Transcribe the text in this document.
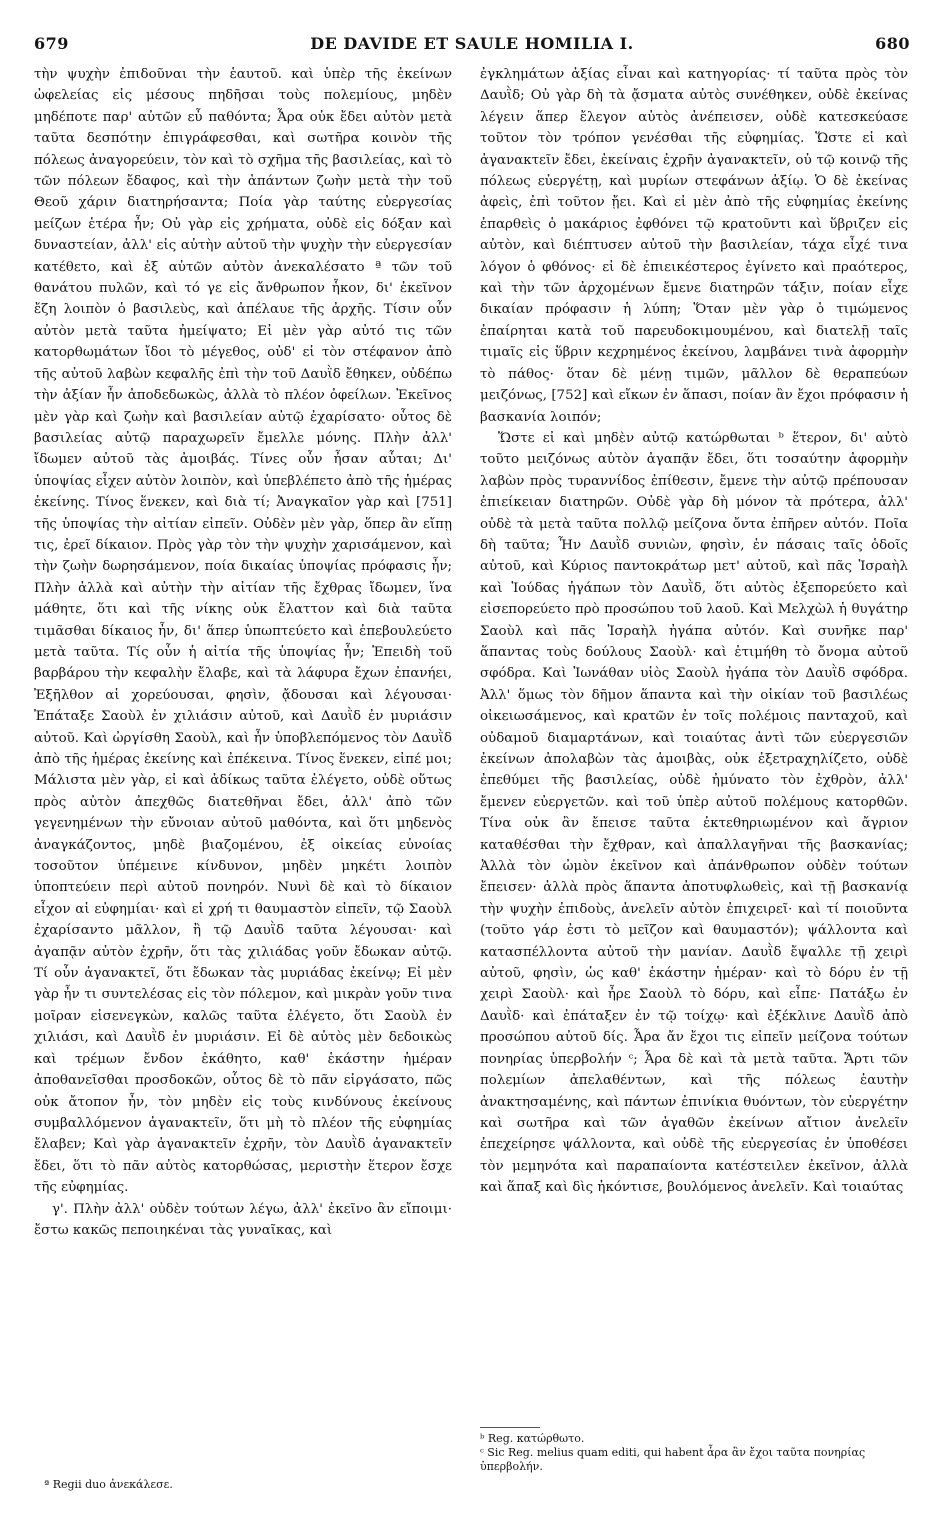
679	DE DAVIDE ET SAULE HOMILIA I.	680

τὴν ψυχὴν ἐπιδοῦναι τὴν ἑαυτοῦ. καὶ ὑπὲρ τῆς ἐκείνων ὠφελείας εἰς μέσους πηδῆσαι τοὺς πολεμίους, μηδὲν μηδέποτε παρ' αὐτῶν εὖ παθόντα; Ἆρα οὐκ ἔδει αὐτὸν μετὰ ταῦτα δεσπότην ἐπιγράφεσθαι, καὶ σωτῆρα κοινὸν τῆς πόλεως ἀναγορεύειν, τὸν καὶ τὸ σχῆμα τῆς βασιλείας, καὶ τὸ τῶν πόλεων ἔδαφος, καὶ τὴν ἁπάντων ζωὴν μετὰ τὴν τοῦ Θεοῦ χάριν διατηρήσαντα; Ποία γὰρ ταύτης εὐεργεσίας μείζων ἑτέρα ἦν; Οὐ γὰρ εἰς χρήματα, οὐδὲ εἰς δόξαν καὶ δυναστείαν, ἀλλ' εἰς αὐτὴν αὐτοῦ τὴν ψυχὴν τὴν εὐεργεσίαν κατέθετο, καὶ ἐξ αὐτῶν αὐτὸν ἀνεκαλέσατο ª τῶν τοῦ θανάτου πυλῶν, καὶ τό γε εἰς ἄνθρωπον ἧκον, δι' ἐκεῖνον ἔζη λοιπὸν ὁ βασιλεὺς, καὶ ἀπέλαυε τῆς ἀρχῆς. Τίσιν οὖν αὐτὸν μετὰ ταῦτα ἠμείψατο; Εἰ μὲν γὰρ αὐτό τις τῶν κατορθωμάτων ἴδοι τὸ μέγεθος, οὐδ' εἰ τὸν στέφανον ἀπὸ τῆς αὐτοῦ λαβὼν κεφαλῆς ἐπὶ τὴν τοῦ Δαυῒδ ἔθηκεν, οὐδέπω τὴν ἀξίαν ἦν ἀποδεδωκὼς, ἀλλὰ τὸ πλέον ὀφείλων. Ἐκεῖνος μὲν γὰρ καὶ ζωὴν καὶ βασιλείαν αὐτῷ ἐχαρίσατο· οὗτος δὲ βασιλείας αὐτῷ παραχωρεῖν ἔμελλε μόνης. Πλὴν ἀλλ' ἴδωμεν αὐτοῦ τὰς ἀμοιβάς. Τίνες οὖν ἦσαν αὗται; Δι' ὑποψίας εἶχεν αὐτὸν λοιπὸν, καὶ ὑπεβλέπετο ἀπὸ τῆς ἡμέρας ἐκείνης. Τίνος ἕνεκεν, καὶ διὰ τί; Ἀναγκαῖον γὰρ καὶ [751] τῆς ὑποψίας τὴν αἰτίαν εἰπεῖν. Οὐδὲν μὲν γὰρ, ὅπερ ἂν εἴπῃ τις, ἐρεῖ δίκαιον. Πρὸς γὰρ τὸν τὴν ψυχὴν χαρισάμενον, καὶ τὴν ζωὴν δωρησάμενον, ποία δικαίας ὑποψίας πρόφασις ἦν; Πλὴν ἀλλὰ καὶ αὐτὴν τὴν αἰτίαν τῆς ἔχθρας ἴδωμεν, ἵνα μάθητε, ὅτι καὶ τῆς νίκης οὐκ ἔλαττον καὶ διὰ ταῦτα τιμᾶσθαι δίκαιος ἦν, δι' ἅπερ ὑπωπτεύετο καὶ ἐπεβουλεύετο μετὰ ταῦτα. Τίς οὖν ἡ αἰτία τῆς ὑποψίας ἦν; Ἐπειδὴ τοῦ βαρβάρου τὴν κεφαλὴν ἔλαβε, καὶ τὰ λάφυρα ἔχων ἐπανήει, Ἐξῆλθον αἱ χορεύουσαι, φησὶν, ᾄδουσαι καὶ λέγουσαι· Ἐπάταξε Σαοὺλ ἐν χιλιάσιν αὐτοῦ, καὶ Δαυῒδ ἐν μυριάσιν αὐτοῦ. Καὶ ὠργίσθη Σαοὺλ, καὶ ἦν ὑποβλεπόμενος τὸν Δαυῒδ ἀπὸ τῆς ἡμέρας ἐκείνης καὶ ἐπέκεινα. Τίνος ἕνεκεν, εἰπέ μοι; Μάλιστα μὲν γὰρ, εἰ καὶ ἀδίκως ταῦτα ἐλέγετο, οὐδὲ οὕτως πρὸς αὐτὸν ἀπεχθῶς διατεθῆναι ἔδει, ἀλλ' ἀπὸ τῶν γεγενημένων τὴν εὔνοιαν αὐτοῦ μαθόντα, καὶ ὅτι μηδενὸς ἀναγκάζοντος, μηδὲ βιαζομένου, ἐξ οἰκείας εὐνοίας τοσοῦτον ὑπέμεινε κίνδυνον, μηδὲν μηκέτι λοιπὸν ὑποπτεύειν περὶ αὐτοῦ πονηρόν. Νυνὶ δὲ καὶ τὸ δίκαιον εἶχον αἱ εὐφημίαι· καὶ εἰ χρή τι θαυμαστὸν εἰπεῖν, τῷ Σαοὺλ ἐχαρίσαντο μᾶλλον, ἢ τῷ Δαυῒδ ταῦτα λέγουσαι· καὶ ἀγαπᾷν αὐτὸν ἐχρῆν, ὅτι τὰς χιλιάδας γοῦν ἔδωκαν αὐτῷ. Τί οὖν ἀγανακτεῖ, ὅτι ἔδωκαν τὰς μυριάδας ἐκείνῳ; Εἰ μὲν γὰρ ἦν τι συντελέσας εἰς τὸν πόλεμον, καὶ μικρὰν γοῦν τινα μοῖραν εἰσενεγκὼν, καλῶς ταῦτα ἐλέγετο, ὅτι Σαοὺλ ἐν χιλιάσι, καὶ Δαυῒδ ἐν μυριάσιν. Εἰ δὲ αὐτὸς μὲν δεδοικὼς καὶ τρέμων ἔνδον ἐκάθητο, καθ' ἑκάστην ἡμέραν ἀποθανεῖσθαι προσδοκῶν, οὗτος δὲ τὸ πᾶν εἰργάσατο, πῶς οὐκ ἄτοπον ἦν, τὸν μηδὲν εἰς τοὺς κινδύνους ἐκείνους συμβαλλόμενον ἀγανακτεῖν, ὅτι μὴ τὸ πλέον τῆς εὐφημίας ἔλαβεν; Καὶ γὰρ ἀγανακτεῖν ἐχρῆν, τὸν Δαυῒδ ἀγανακτεῖν ἔδει, ὅτι τὸ πᾶν αὐτὸς κατορθώσας, μεριστὴν ἕτερον ἔσχε τῆς εὐφημίας.

γ'. Πλὴν ἀλλ' οὐδὲν τούτων λέγω, ἀλλ' ἐκεῖνο ἂν εἴποιμι· ἔστω κακῶς πεποιηκέναι τὰς γυναῖκας, καὶ

ἐγκλημάτων ἀξίας εἶναι καὶ κατηγορίας· τί ταῦτα πρὸς τὸν Δαυῒδ; Οὐ γὰρ δὴ τὰ ᾄσματα αὐτὸς συνέθηκεν, οὐδὲ ἐκείνας λέγειν ἅπερ ἔλεγον αὐτὸς ἀνέπεισεν, οὐδὲ κατεσκεύασε τοῦτον τὸν τρόπον γενέσθαι τῆς εὐφημίας. Ὥστε εἰ καὶ ἀγανακτεῖν ἔδει, ἐκείναις ἐχρῆν ἀγανακτεῖν, οὐ τῷ κοινῷ τῆς πόλεως εὐεργέτῃ, καὶ μυρίων στεφάνων ἀξίῳ. Ὁ δὲ ἐκείνας ἀφεὶς, ἐπὶ τοῦτον ᾔει. Καὶ εἰ μὲν ἀπὸ τῆς εὐφημίας ἐκείνης ἐπαρθεὶς ὁ μακάριος ἐφθόνει τῷ κρατοῦντι καὶ ὕβριζεν εἰς αὐτὸν, καὶ διέπτυσεν αὐτοῦ τὴν βασιλείαν, τάχα εἶχέ τινα λόγον ὁ φθόνος· εἰ δὲ ἐπιεικέστερος ἐγίνετο καὶ πραότερος, καὶ τὴν τῶν ἀρχομένων ἔμενε διατηρῶν τάξιν, ποίαν εἶχε δικαίαν πρόφασιν ἡ λύπη; Ὅταν μὲν γὰρ ὁ τιμώμενος ἐπαίρηται κατὰ τοῦ παρευδοκιμουμένου, καὶ διατελῇ ταῖς τιμαῖς εἰς ὕβριν κεχρημένος ἐκείνου, λαμβάνει τινὰ ἀφορμὴν τὸ πάθος· ὅταν δὲ μένῃ τιμῶν, μᾶλλον δὲ θεραπεύων μειζόνως, [752] καὶ εἴκων ἐν ἅπασι, ποίαν ἂν ἔχοι πρόφασιν ἡ βασκανία λοιπόν;

Ὥστε εἰ καὶ μηδὲν αὐτῷ κατώρθωται ᵇ ἕτερον, δι' αὐτὸ τοῦτο μειζόνως αὐτὸν ἀγαπᾷν ἔδει, ὅτι τοσαύτην ἀφορμὴν λαβὼν πρὸς τυραννίδος ἐπίθεσιν, ἔμενε τὴν αὐτῷ πρέπουσαν ἐπιείκειαν διατηρῶν. Οὐδὲ γὰρ δὴ μόνον τὰ πρότερα, ἀλλ' οὐδὲ τὰ μετὰ ταῦτα πολλῷ μείζονα ὄντα ἐπῆρεν αὐτόν. Ποῖα δὴ ταῦτα; Ἦν Δαυῒδ συνιὼν, φησὶν, ἐν πάσαις ταῖς ὁδοῖς αὐτοῦ, καὶ Κύριος παντοκράτωρ μετ' αὐτοῦ, καὶ πᾶς Ἰσραὴλ καὶ Ἰούδας ἠγάπων τὸν Δαυῒδ, ὅτι αὐτὸς ἐξεπορεύετο καὶ εἰσεπορεύετο πρὸ προσώπου τοῦ λαοῦ. Καὶ Μελχὼλ ἡ θυγάτηρ Σαοὺλ καὶ πᾶς Ἰσραὴλ ἠγάπα αὐτόν. Καὶ συνῆκε παρ' ἅπαντας τοὺς δούλους Σαοὺλ· καὶ ἐτιμήθη τὸ ὄνομα αὐτοῦ σφόδρα. Καὶ Ἰωνάθαν υἱὸς Σαοὺλ ἠγάπα τὸν Δαυῒδ σφόδρα. Ἀλλ' ὅμως τὸν δῆμον ἅπαντα καὶ τὴν οἰκίαν τοῦ βασιλέως οἰκειωσάμενος, καὶ κρατῶν ἐν τοῖς πολέμοις πανταχοῦ, καὶ οὐδαμοῦ διαμαρτάνων, καὶ τοιαύτας ἀντὶ τῶν εὐεργεσιῶν ἐκείνων ἀπολαβὼν τὰς ἀμοιβὰς, οὐκ ἐξετραχηλίζετο, οὐδὲ ἐπεθύμει τῆς βασιλείας, οὐδὲ ἠμύνατο τὸν ἐχθρὸν, ἀλλ' ἔμενεν εὐεργετῶν. καὶ τοῦ ὑπὲρ αὐτοῦ πολέμους κατορθῶν. Τίνα οὐκ ἂν ἔπεισε ταῦτα ἐκτεθηριωμένον καὶ ἄγριον καταθέσθαι τὴν ἔχθραν, καὶ ἀπαλλαγῆναι τῆς βασκανίας; Ἀλλὰ τὸν ὠμὸν ἐκεῖνον καὶ ἀπάνθρωπον οὐδὲν τούτων ἔπεισεν· ἀλλὰ πρὸς ἅπαντα ἀποτυφλωθεὶς, καὶ τῇ βασκανίᾳ τὴν ψυχὴν ἐπιδοὺς, ἀνελεῖν αὐτὸν ἐπιχειρεῖ· καὶ τί ποιοῦντα (τοῦτο γάρ ἐστι τὸ μεῖζον καὶ θαυμαστόν); ψάλλοντα καὶ κατασπέλλοντα αὐτοῦ τὴν μανίαν. Δαυῒδ ἔψαλλε τῇ χειρὶ αὐτοῦ, φησὶν, ὡς καθ' ἑκάστην ἡμέραν· καὶ τὸ δόρυ ἐν τῇ χειρὶ Σαοὺλ· καὶ ἦρε Σαοὺλ τὸ δόρυ, καὶ εἶπε· Πατάξω ἐν Δαυῒδ· καὶ ἐπάταξεν ἐν τῷ τοίχῳ· καὶ ἐξέκλινε Δαυῒδ ἀπὸ προσώπου αὐτοῦ δίς. Ἆρα ἄν ἔχοι τις εἰπεῖν μείζονα τούτων πονηρίας ὑπερβολήν ᶜ; Ἆρα δὲ καὶ τὰ μετὰ ταῦτα. Ἄρτι τῶν πολεμίων ἀπελαθέντων, καὶ τῆς πόλεως ἑαυτὴν ἀνακτησαμένης, καὶ πάντων ἐπινίκια θυόντων, τὸν εὐεργέτην καὶ σωτῆρα καὶ τῶν ἀγαθῶν ἐκείνων αἴτιον ἀνελεῖν ἐπεχείρησε ψάλλοντα, καὶ οὐδὲ τῆς εὐεργεσίας ἐν ὑποθέσει τὸν μεμηνότα καὶ παραπαίοντα κατέστειλεν ἐκεῖνον, ἀλλὰ καὶ ἅπαξ καὶ δὶς ἠκόντισε, βουλόμενος ἀνελεῖν. Καὶ τοιαύτας

ª Regii duo ἀνεκάλεσε.
ᵇ Reg. κατώρθωτο.
ᶜ Sic Reg. melius quam editi, qui habent ἆρα ἂν ἔχοι ταῦτα πονηρίας ὑπερβολήν.
